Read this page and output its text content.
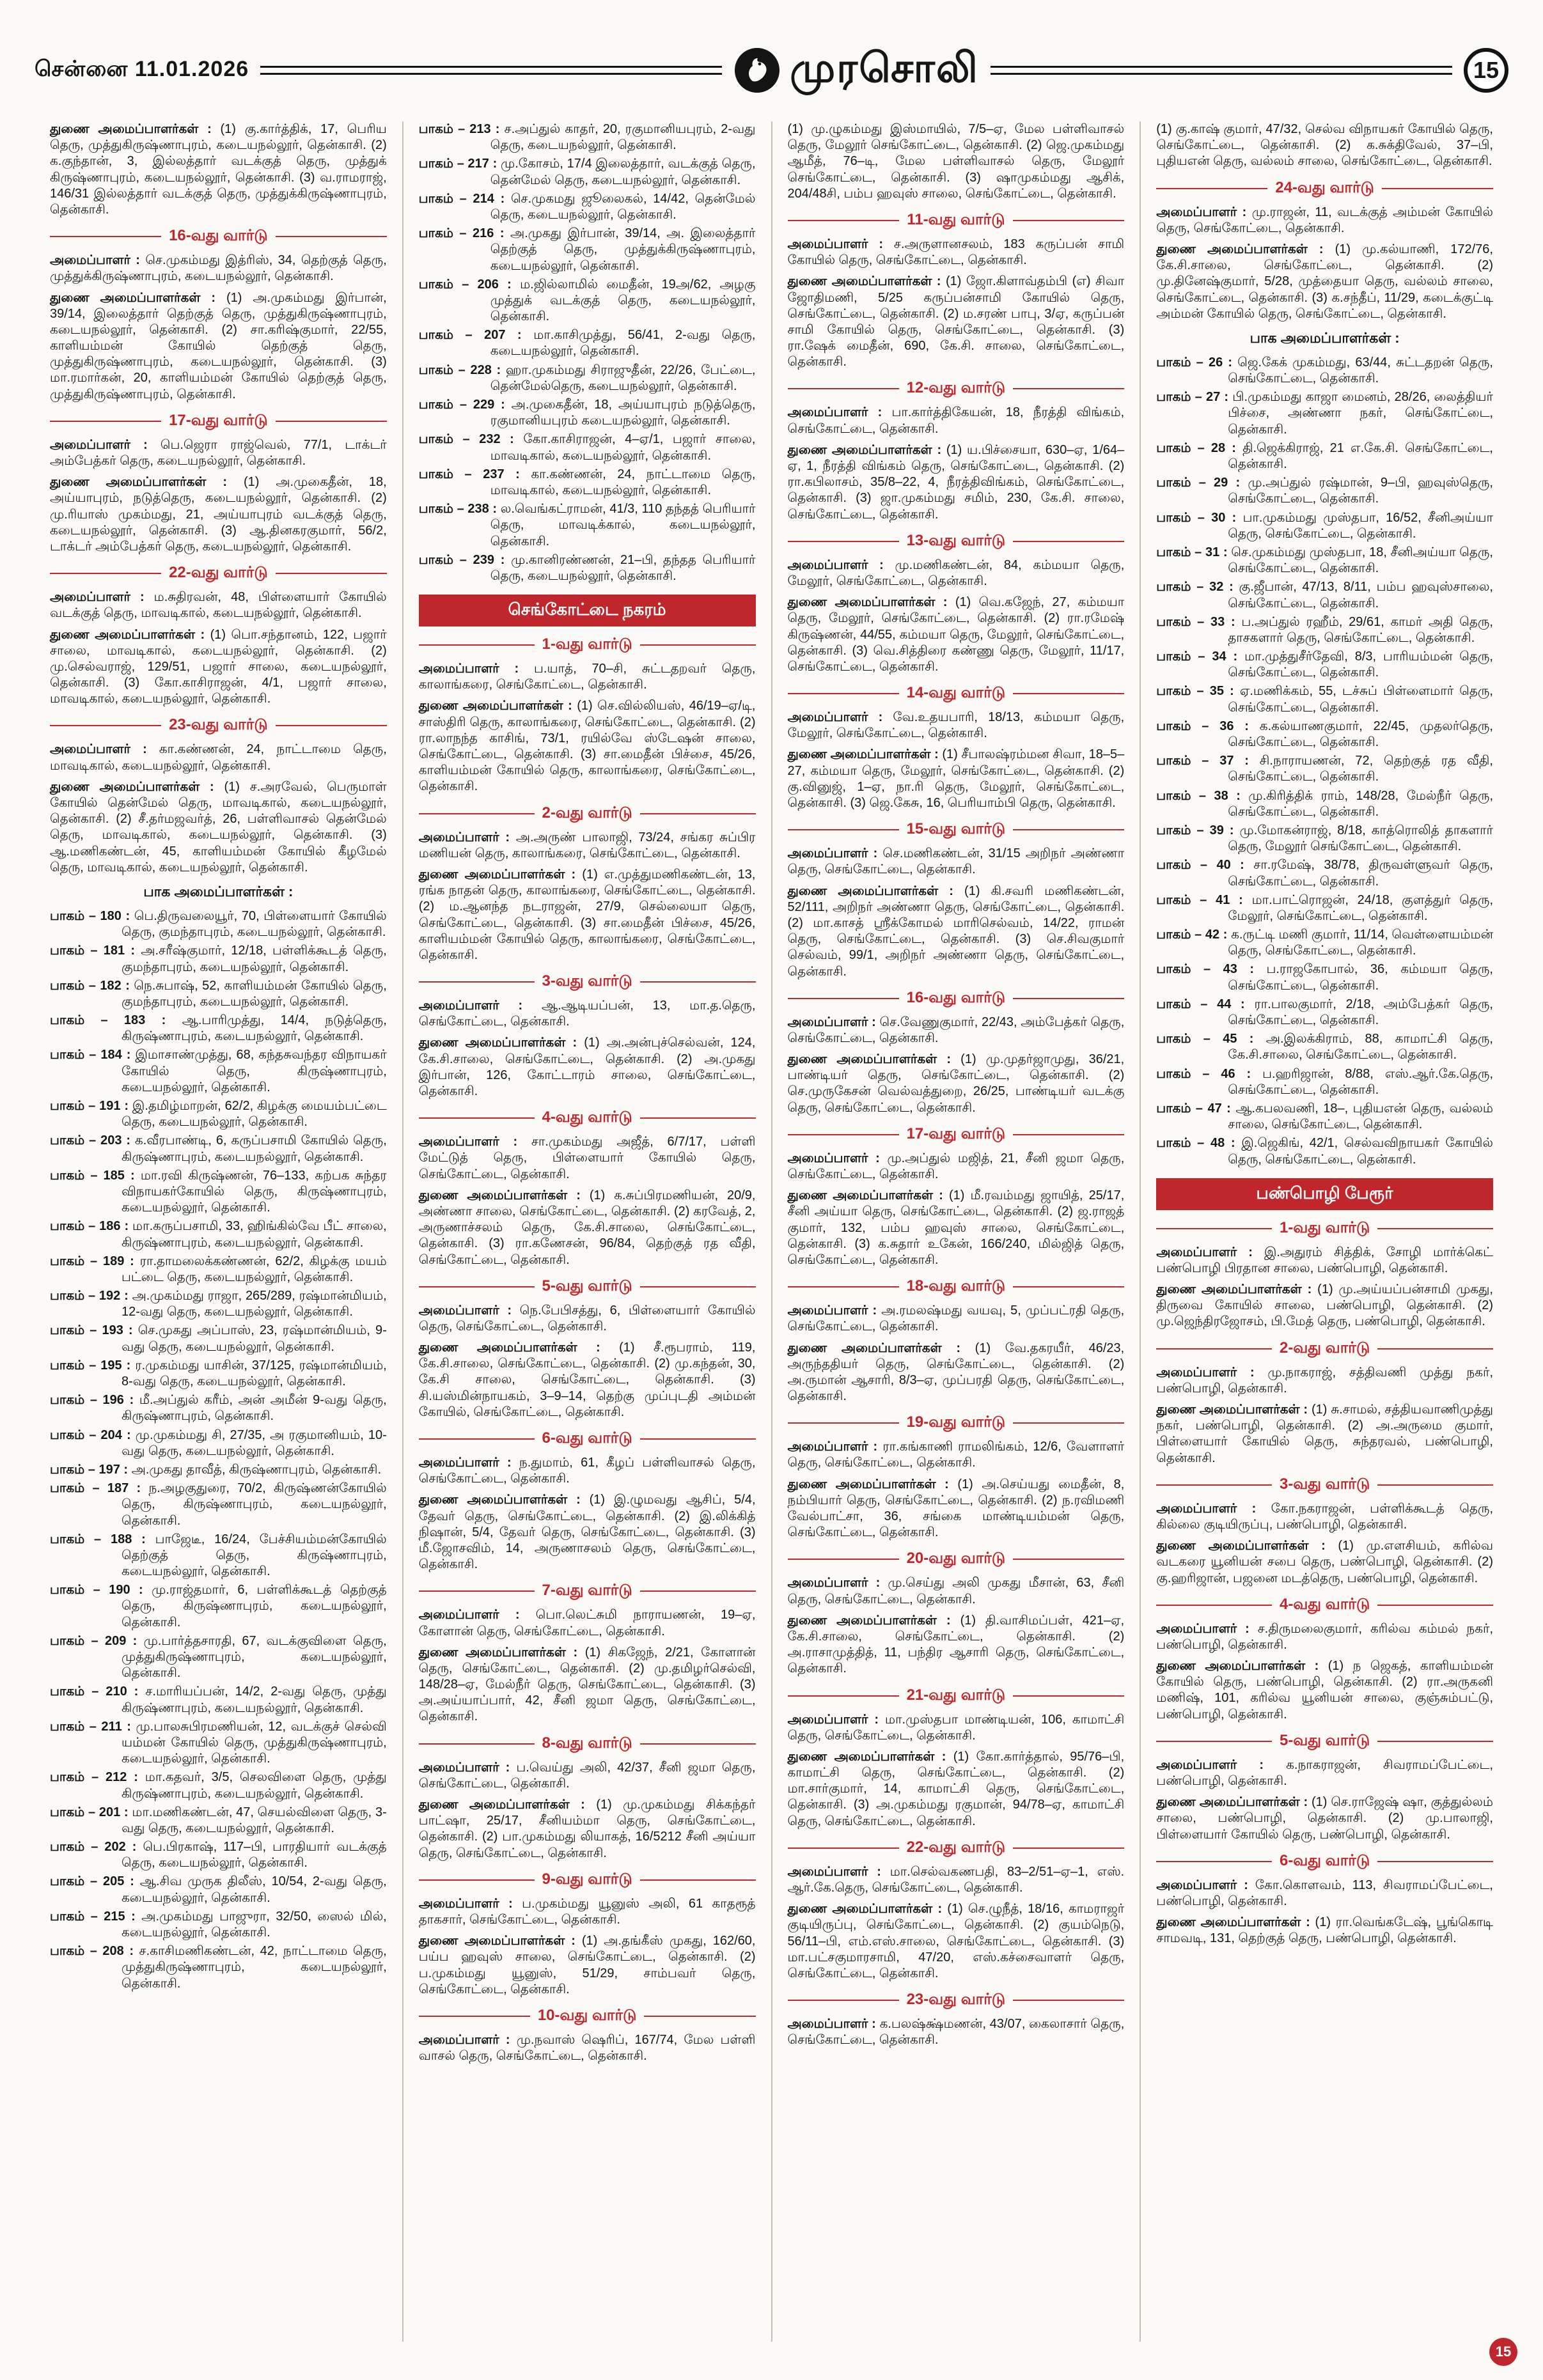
சென்னை 11.01.2026	முரசொலி	15

துணை அமைப்பாளர்கள் : (1) கு.கார்த்திக், 17, பெரிய தெரு, முத்துகிருஷ்ணாபுரம், கடையநல்லூர், தென்காசி. (2) க.குந்தான், 3, இல்லத்தார் வடக்குத் தெரு, முத்துக் கிருஷ்ணாபுரம், கடையநல்லூர், தென்காசி. (3) வ.ராமராஜ், 146/31 இல்லத்தார் வடக்குத் தெரு, முத்துக்கிருஷ்ணாபுரம், தென்காசி.

16-வது வார்டு

அமைப்பாளர் : செ.முகம்மது இத்ரிஸ், 34, தெற்குத் தெரு, முத்துக்கிருஷ்ணாபுரம், கடையநல்லூர், தென்காசி.

துணை அமைப்பாளர்கள் : (1) அ.முகம்மது இர்பான், 39/14, இலைத்தார் தெற்குத் தெரு, முத்துகிருஷ்ணாபுரம், கடையநல்லூர், தென்காசி. (2) சா.கரிஷ்குமார், 22/55, காளியம்மன் கோயில் தெற்குத் தெரு, முத்துகிருஷ்ணாபுரம், கடையநல்லூர், தென்காசி. (3) மா.ரமார்கன், 20, காளியம்மன் கோயில் தெற்குத் தெரு, முத்துகிருஷ்ணாபுரம், தென்காசி.

17-வது வார்டு

அமைப்பாளர் : பெ.ஜெரா ராஜ்வெல், 77/1, டாக்டர் அம்பேத்கர் தெரு, கடையநல்லூர், தென்காசி.

துணை அமைப்பாளர்கள் : (1) அ.முகைதீன், 18, அய்யாபுரம், நடுத்தெரு, கடையநல்லூர், தென்காசி. (2) மு.ரியாஸ் முகம்மது, 21, அய்யாபுரம் வடக்குத் தெரு, கடையநல்லூர், தென்காசி. (3) ஆ.தினகரகுமார், 56/2, டாக்டர் அம்பேத்கர் தெரு, கடையநல்லூர், தென்காசி.

22-வது வார்டு

அமைப்பாளர் : ம.சுதிரவன், 48, பிள்ளையார் கோயில் வடக்குத் தெரு, மாவடிகால், கடையநல்லூர், தென்காசி.

துணை அமைப்பாளர்கள் : (1) பொ.சந்தானம், 122, பஜார் சாலை, மாவடிகால், கடையநல்லூர், தென்காசி. (2) மு.செல்வராஜ், 129/51, பஜார் சாலை, கடையநல்லூர், தென்காசி. (3) கோ.காசிராஜன், 4/1, பஜார் சாலை, மாவடிகால், கடையநல்லூர், தென்காசி.

23-வது வார்டு

அமைப்பாளர் : கா.கண்ணன், 24, நாட்டாமை தெரு, மாவடிகால், கடையநல்லூர், தென்காசி.

துணை அமைப்பாளர்கள் : (1) ச.அரவேல், பெருமாள் கோயில் தென்மேல் தெரு, மாவடிகால், கடையநல்லூர், தென்காசி. (2) சீ.தர்மஜவர்த், 26, பள்ளிவாசல் தென்மேல் தெரு, மாவடிகால், கடையநல்லூர், தென்காசி. (3) ஆ.மணிகண்டன், 45, காளியம்மன் கோயில் கீழமேல் தெரு, மாவடிகால், கடையநல்லூர், தென்காசி.

பாக அமைப்பாளர்கள் :

பாகம் – 180 : பெ.திருவலையூர், 70, பிள்ளையார் கோயில் தெரு, குமந்தாபுரம், கடையநல்லூர், தென்காசி.

பாகம் – 181 : அ.சரீஷ்குமார், 12/18, பள்ளிக்கூடத் தெரு, குமந்தாபுரம், கடையநல்லூர், தென்காசி.

பாகம் – 182 : நெ.சுபாஷ், 52, காளியம்மன் கோயில் தெரு, குமந்தாபுரம், கடையநல்லூர், தென்காசி.

பாகம் – 183 : ஆ.பாரிமுத்து, 14/4, நடுத்தெரு, கிருஷ்ணாபுரம், கடையநல்லூர், தென்காசி.

பாகம் – 184 : இமாசாண்முத்து, 68, கந்தசுவந்தர விநாயகர் கோயில் தெரு, கிருஷ்ணாபுரம், கடையநல்லூர், தென்காசி.

பாகம் – 191 : இ.தமிழ்மாறன், 62/2, கிழக்கு மையம்பட்டை தெரு, கடையநல்லூர், தென்காசி.

பாகம் – 203 : க.வீரபாண்டி, 6, கருப்பசாமி கோயில் தெரு, கிருஷ்ணாபுரம், கடையநல்லூர், தென்காசி.

பாகம் – 185 : மா.ரவி கிருஷ்ணன், 76–133, கற்பக சுந்தர விநாயகர்கோயில் தெரு, கிருஷ்ணாபுரம், கடையநல்லூர், தென்காசி.

பாகம் – 186 : மா.கருப்பசாமி, 33, ஹிங்கில்வே பீட் சாலை, கிருஷ்ணாபுரம், கடையநல்லூர், தென்காசி.

பாகம் – 189 : ரா.தாமலைக்கண்ணன், 62/2, கிழக்கு மயம் பட்டை தெரு, கடையநல்லூர், தென்காசி.

பாகம் – 192 : அ.முகம்மது ராஜா, 265/289, ரஷ்மான்மியம், 12-வது தெரு, கடையநல்லூர், தென்காசி.

பாகம் – 193 : செ.முகது அப்பாஸ், 23, ரஷ்மான்மியம், 9-வது தெரு, கடையநல்லூர், தென்காசி.

பாகம் – 195 : ர.முகம்மது யாசின், 37/125, ரஷ்மான்மியம், 8-வது தெரு, கடையநல்லூர், தென்காசி.

பாகம் – 196 : மீ.அப்துல் கரீம், அன் அமீன் 9-வது தெரு, கிருஷ்ணாபுரம், தென்காசி.

பாகம் – 204 : மு.முகம்மது சி, 27/35, அ ரகுமானியம், 10-வது தெரு, கடையநல்லூர், தென்காசி.

பாகம் – 197 : அ.முகது தாவீத், கிருஷ்ணாபுரம், தென்காசி.

பாகம் – 187 : ந.அழகுதுரை, 70/2, கிருஷ்ணன்கோயில் தெரு, கிருஷ்ணாபுரம், கடையநல்லூர், தென்காசி.

பாகம் – 188 : பாஜேடீ, 16/24, பேச்சியம்மன்கோயில் தெற்குத் தெரு, கிருஷ்ணாபுரம், கடையநல்லூர், தென்காசி.

பாகம் – 190 : மு.ராஜ்தமார், 6, பள்ளிக்கூடத் தெற்குத் தெரு, கிருஷ்ணாபுரம், கடையநல்லூர், தென்காசி.

பாகம் – 209 : மு.பார்த்தசாரதி, 67, வடக்குவிளை தெரு, முத்துகிருஷ்ணாபுரம், கடையநல்லூர், தென்காசி.

பாகம் – 210 : ச.மாரியப்பன், 14/2, 2-வது தெரு, முத்து கிருஷ்ணாபுரம், கடையநல்லூர், தென்காசி.

பாகம் – 211 : மு.பாலசுபிரமணியன், 12, வடக்குச் செல்வி யம்மன் கோயில் தெரு, முத்துகிருஷ்ணாபுரம், கடையநல்லூர், தென்காசி.

பாகம் – 212 : மா.கதவர், 3/5, செலவிளை தெரு, முத்து கிருஷ்ணாபுரம், கடையநல்லூர், தென்காசி.

பாகம் – 201 : மா.மணிகண்டன், 47, செயல்விளை தெரு, 3-வது தெரு, கடையநல்லூர், தென்காசி.

பாகம் – 202 : பெ.பிரகாஷ், 117–பி, பாரதியார் வடக்குத் தெரு, கடையநல்லூர், தென்காசி.

பாகம் – 205 : ஆ.சிவ முருக திலீஸ், 10/54, 2-வது தெரு, கடையநல்லூர், தென்காசி.

பாகம் – 215 : அ.முகம்மது பாஜுரா, 32/50, ஸைல் மில், கடையநல்லூர், தென்காசி.

பாகம் – 208 : ச.காசிமணிகண்டன், 42, நாட்டாமை தெரு, முத்துகிருஷ்ணாபுரம், கடையநல்லூர், தென்காசி.

பாகம் – 213 : ச.அப்துல் காதர், 20, ரகுமானியபுரம், 2-வது தெரு, கடையநல்லூர், தென்காசி.

பாகம் – 217 : மு.கோசம், 17/4 இலைத்தார், வடக்குத் தெரு, தென்மேல் தெரு, கடையநல்லூர், தென்காசி.

பாகம் – 214 : செ.முகமது ஜூலைகல், 14/42, தென்மேல் தெரு, கடையநல்லூர், தென்காசி.

பாகம் – 216 : அ.முகது இர்பான், 39/14, அ. இலைத்தார் தெற்குத் தெரு, முத்துக்கிருஷ்ணாபுரம், கடையநல்லூர், தென்காசி.

பாகம் – 206 : ம.ஜில்லாமில் மைதீன், 19அ/62, அழகு முத்துக் வடக்குத் தெரு, கடையநல்லூர், தென்காசி.

பாகம் – 207 : மா.காசிமுத்து, 56/41, 2-வது தெரு, கடையநல்லூர், தென்காசி.

பாகம் – 228 : ஹா.முகம்மது சிராஜுதீன், 22/26, பேட்டை, தென்மேல்தெரு, கடையநல்லூர், தென்காசி.

பாகம் – 229 : அ.முகைதீன், 18, அய்யாபுரம் நடுத்தெரு, ரகுமானியபுரம் கடையநல்லூர், தென்காசி.

பாகம் – 232 : கோ.காசிராஜன், 4–ஏ/1, பஜார் சாலை, மாவடிகால், கடையநல்லூர், தென்காசி.

பாகம் – 237 : கா.கண்ணன், 24, நாட்டாமை தெரு, மாவடிகால், கடையநல்லூர், தென்காசி.

பாகம் – 238 : ல.வெங்கட்ராமன், 41/3, 110 தந்தத் பெரியார் தெரு, மாவடிக்கால், கடையநல்லூர், தென்காசி.

பாகம் – 239 : மு.கானிரண்ணன், 21–பி, தந்தத பெரியார் தெரு, கடையநல்லூர், தென்காசி.

செங்கோட்டை நகரம்
1-வது வார்டு

அமைப்பாளர் : ப.யாத், 70–சி, சுட்டதறவர் தெரு, காலாங்கரை, செங்கோட்டை, தென்காசி.

துணை அமைப்பாளர்கள் : (1) செ.வில்லியஸ், 46/19–ஏ/டி, சாஸ்திரி தெரு, காலாங்கரை, செங்கோட்டை, தென்காசி. (2) ரா.லாநந்த காசிங், 73/1, ரயில்வே ஸ்டேஷன் சாலை, செங்கோட்டை, தென்காசி. (3) சா.மைதீன் பிச்சை, 45/26, காளியம்மன் கோயில் தெரு, காலாங்கரை, செங்கோட்டை, தென்காசி.

2-வது வார்டு

அமைப்பாளர் : அ.அருண் பாலாஜி, 73/24, சங்கர சுப்பிர மணியன் தெரு, காலாங்கரை, செங்கோட்டை, தென்காசி.

துணை அமைப்பாளர்கள் : (1) எ.முத்துமணிகண்டன், 13, ரங்க நாதன் தெரு, காலாங்கரை, செங்கோட்டை, தென்காசி. (2) ம.ஆனந்த நடராஜன், 27/9, செல்லையா தெரு, செங்கோட்டை, தென்காசி. (3) சா.மைதீன் பிச்சை, 45/26, காளியம்மன் கோயில் தெரு, காலாங்கரை, செங்கோட்டை, தென்காசி.

3-வது வார்டு

அமைப்பாளர் : ஆ.ஆடியப்பன், 13, மா.த.தெரு, செங்கோட்டை, தென்காசி.

துணை அமைப்பாளர்கள் : (1) அ.அன்புச்செல்வன், 124, கே.சி.சாலை, செங்கோட்டை, தென்காசி. (2) அ.முகது இர்பான், 126, கோட்டாரம் சாலை, செங்கோட்டை, தென்காசி.

4-வது வார்டு

அமைப்பாளர் : சா.முகம்மது அஜீத், 6/7/17, பள்ளி மேட்டுத் தெரு, பிள்ளையார் கோயில் தெரு, செங்கோட்டை, தென்காசி.

துணை அமைப்பாளர்கள் : (1) க.சுப்பிரமணியன், 20/9, அண்ணா சாலை, செங்கோட்டை, தென்காசி. (2) கரவேத், 2, அருணாச்சலம் தெரு, கே.சி.சாலை, செங்கோட்டை, தென்காசி. (3) ரா.கணேசன், 96/84, தெற்குத் ரத வீதி, செங்கோட்டை, தென்காசி.

5-வது வார்டு

அமைப்பாளர் : நெ.பேபிசத்து, 6, பிள்ளையார் கோயில் தெரு, செங்கோட்டை, தென்காசி.

துணை அமைப்பாளர்கள் : (1) சீ.ரூபராம், 119, கே.சி.சாலை, செங்கோட்டை, தென்காசி. (2) மு.கந்தன், 30, கே.சி சாலை, செங்கோட்டை, தென்காசி. (3) சி.யஸ்மின்நாயகம், 3–9–14, தெற்கு முப்புடதி அம்மன் கோயில், செங்கோட்டை, தென்காசி.

6-வது வார்டு

அமைப்பாளர் : ந.துமாம், 61, கீழப் பள்ளிவாசல் தெரு, செங்கோட்டை, தென்காசி.

துணை அமைப்பாளர்கள் : (1) இ.ழுமவது ஆசிப், 5/4, தேவர் தெரு, செங்கோட்டை, தென்காசி. (2) இ.லிக்கித் நிஷான், 5/4, தேவர் தெரு, செங்கோட்டை, தென்காசி. (3) மீ.ஜோசவிம், 14, அருணாசலம் தெரு, செங்கோட்டை, தென்காசி.

7-வது வார்டு

அமைப்பாளர் : பொ.லெட்சுமி நாராயணன், 19–ஏ, கோளான் தெரு, செங்கோட்டை, தென்காசி.

துணை அமைப்பாளர்கள் : (1) சிகஜேந், 2/21, கோளான் தெரு, செங்கோட்டை, தென்காசி. (2) மு.தமிழர்செல்வி, 148/28–ஏ, மேல்நீர் தெரு, செங்கோட்டை, தென்காசி. (3) அ.அய்யாப்பார், 42, சீனி ஜமா தெரு, செங்கோட்டை, தென்காசி.

8-வது வார்டு

அமைப்பாளர் : ப.வெய்து அலி, 42/37, சீனி ஜமா தெரு, செங்கோட்டை, தென்காசி.

துணை அமைப்பாளர்கள் : (1) மு.முகம்மது சிக்கந்தர் பாட்ஷா, 25/17, சீனியம்மா தெரு, செங்கோட்டை, தென்காசி. (2) பா.முகம்மது லியாகத், 16/5212 சீனி அய்யா தெரு, செங்கோட்டை, தென்காசி.

9-வது வார்டு

அமைப்பாளர் : ப.முகம்மது யூனுஸ் அலி, 61 காதரூத் தாகசார், செங்கோட்டை, தென்காசி.

துணை அமைப்பாளர்கள் : (1) அ.தங்கீஸ் முகது, 162/60, பய்ப ஹவுஸ் சாலை, செங்கோட்டை, தென்காசி. (2) ப.முகம்மது யூனுஸ், 51/29, சாம்பவர் தெரு, செங்கோட்டை, தென்காசி.

10-வது வார்டு

அமைப்பாளர் : மு.நவாஸ் ஷெரிப், 167/74, மேல பள்ளி வாசல் தெரு, செங்கோட்டை, தென்காசி.

(1) மு.ழுகம்மது இஸ்மாயில், 7/5–ஏ, மேல பள்ளிவாசல் தெரு, மேலூர் செங்கோட்டை, தென்காசி. (2) ஜெ.முகம்மது ஆமீத், 76–டி, மேல பள்ளிவாசல் தெரு, மேலூர் செங்கோட்டை, தென்காசி. (3) ஷாமுகம்மது ஆசிக், 204/48சி, பம்ப ஹவுஸ் சாலை, செங்கோட்டை, தென்காசி.

11-வது வார்டு

அமைப்பாளர் : ச.அருளானசலம், 183 கருப்பன் சாமி கோயில் தெரு, செங்கோட்டை, தென்காசி.

துணை அமைப்பாளர்கள் : (1) ஜோ.கிளாவ்தம்பி (எ) சிவா ஜோதிமணி, 5/25 கருப்பன்சாமி கோயில் தெரு, செங்கோட்டை, தென்காசி. (2) ம.சரண் பாபு, 3/ஏ, கருப்பன் சாமி கோயில் தெரு, செங்கோட்டை, தென்காசி. (3) ரா.ஷேக் மைதீன், 690, கே.சி. சாலை, செங்கோட்டை, தென்காசி.

12-வது வார்டு

அமைப்பாளர் : பா.கார்த்திகேயன், 18, நீரத்தி விங்கம், செங்கோட்டை, தென்காசி.

துணை அமைப்பாளர்கள் : (1) ய.பிச்சையா, 630–ஏ, 1/64–ஏ, 1, நீரத்தி விங்கம் தெரு, செங்கோட்டை, தென்காசி. (2) ரா.கபிலாசம், 35/8–22, 4, நீரத்திவிங்கம், செங்கோட்டை, தென்காசி. (3) ஜா.முகம்மது சமிம், 230, கே.சி. சாலை, செங்கோட்டை, தென்காசி.

13-வது வார்டு

அமைப்பாளர் : மு.மணிகண்டன், 84, கம்மயா தெரு, மேலூர், செங்கோட்டை, தென்காசி.

துணை அமைப்பாளர்கள் : (1) வெ.கஜேந், 27, கம்மயா தெரு, மேலூர், செங்கோட்டை, தென்காசி. (2) ரா.ரமேஷ் கிருஷ்ணன், 44/55, கம்மயா தெரு, மேலூர், செங்கோட்டை, தென்காசி. (3) வெ.சித்திரை கண்ணு தெரு, மேலூர், 11/17, செங்கோட்டை, தென்காசி.

14-வது வார்டு

அமைப்பாளர் : வே.உதயபாரி, 18/13, கம்மயா தெரு, மேலூர், செங்கோட்டை, தென்காசி.

துணை அமைப்பாளர்கள் : (1) சீபாலஷ்ரம்மன சிவா, 18–5–27, கம்மயா தெரு, மேலூர், செங்கோட்டை, தென்காசி. (2) கு.வினுஜ், 1–ஏ, நா.ரி தெரு, மேலூர், செங்கோட்டை, தென்காசி. (3) ஜெ.கேசு, 16, பெரியாம்பி தெரு, தென்காசி.

15-வது வார்டு

அமைப்பாளர் : செ.மணிகண்டன், 31/15 அறிநர் அண்ணா தெரு, செங்கோட்டை, தென்காசி.

துணை அமைப்பாளர்கள் : (1) கி.சவரி மணிகண்டன், 52/111, அறிநர் அண்ணா தெரு, செங்கோட்டை, தென்காசி. (2) மா.காசத் ஸ்ரீக்கோமல் மாரிசெல்வம், 14/22, ராமன் தெரு, செங்கோட்டை, தென்காசி. (3) செ.சிவகுமார் செல்வம், 99/1, அறிநர் அண்ணா தெரு, செங்கோட்டை, தென்காசி.

16-வது வார்டு

அமைப்பாளர் : செ.வேணுகுமார், 22/43, அம்பேத்கர் தெரு, செங்கோட்டை, தென்காசி.

துணை அமைப்பாளர்கள் : (1) மு.முதர்ஜாமுது, 36/21, பாண்டியர் தெரு, செங்கோட்டை, தென்காசி. (2) செ.முருகேசன் வெல்வத்துறை, 26/25, பாண்டியர் வடக்கு தெரு, செங்கோட்டை, தென்காசி.

17-வது வார்டு

அமைப்பாளர் : மு.அப்துல் மஜித், 21, சீனி ஜமா தெரு, செங்கோட்டை, தென்காசி.

துணை அமைப்பாளர்கள் : (1) மீ.ரவம்மது ஜாயித், 25/17, சீனி அய்யா தெரு, செங்கோட்டை, தென்காசி. (2) ஜ.ராஜத் குமார், 132, பம்ப ஹவுஸ் சாலை, செங்கோட்டை, தென்காசி. (3) க.சுதார் உகேன், 166/240, மில்ஜித் தெரு, செங்கோட்டை, தென்காசி.

18-வது வார்டு

அமைப்பாளர் : அ.ரமலஷ்மது வயவு, 5, முப்பட்ரதி தெரு, செங்கோட்டை, தென்காசி.

துணை அமைப்பாளர்கள் : (1) வே.தகரயீர், 46/23, அருந்ததியர் தெரு, செங்கோட்டை, தென்காசி. (2) அ.ருமான் ஆசாரி, 8/3–ஏ, முப்பரதி தெரு, செங்கோட்டை, தென்காசி.

19-வது வார்டு

அமைப்பாளர் : ரா.கங்காணி ராமலிங்கம், 12/6, வேளாளர் தெரு, செங்கோட்டை, தென்காசி.

துணை அமைப்பாளர்கள் : (1) அ.செய்யது மைதீன், 8, நம்பியார் தெரு, செங்கோட்டை, தென்காசி. (2) ந.ரவிமணி வேல்பாட்சா, 36, சங்கை மாண்டியம்மன் தெரு, செங்கோட்டை, தென்காசி.

20-வது வார்டு

அமைப்பாளர் : மு.செய்து அலி முகது மீசான், 63, சீனி தெரு, செங்கோட்டை, தென்காசி.

துணை அமைப்பாளர்கள் : (1) தி.வாசிமப்பள், 421–ஏ, கே.சி.சாலை, செங்கோட்டை, தென்காசி. (2) அ.ராசாமுத்தித், 11, பந்திர ஆசாரி தெரு, செங்கோட்டை, தென்காசி.

21-வது வார்டு

அமைப்பாளர் : மா.முஸ்தபா மாண்டியன், 106, காமாட்சி தெரு, செங்கோட்டை, தென்காசி.

துணை அமைப்பாளர்கள் : (1) கோ.கார்த்தால், 95/76–பி, காமாட்சி தெரு, செங்கோட்டை, தென்காசி. (2) மா.சார்குமார், 14, காமாட்சி தெரு, செங்கோட்டை, தென்காசி. (3) அ.முகம்மது ரகுமான், 94/78–ஏ, காமாட்சி தெரு, செங்கோட்டை, தென்காசி.

22-வது வார்டு

அமைப்பாளர் : மா.செல்வகணபதி, 83–2/51–ஏ–1, எஸ். ஆர்.கே.தெரு, செங்கோட்டை, தென்காசி.

துணை அமைப்பாளர்கள் : (1) செ.ழுநீத், 18/16, காமராஜர் குடியிருப்பு, செங்கோட்டை, தென்காசி. (2) குயம்நெடு, 56/11–பி, எம்.எஸ்.சாலை, செங்கோட்டை, தென்காசி. (3) மா.பட்சகுமாரசாமி, 47/20, எஸ்.கச்சைவாளர் தெரு, செங்கோட்டை, தென்காசி.

23-வது வார்டு

அமைப்பாளர் : க.பலஷ்க்ஷ்மணன், 43/07, கைலாசார் தெரு, செங்கோட்டை, தென்காசி.

(1) கு.காஷ் குமார், 47/32, செல்வ விநாயகர் கோயில் தெரு, செங்கோட்டை, தென்காசி. (2) க.சுக்திவேல், 37–பி, புதியஎன் தெரு, வல்லம் சாலை, செங்கோட்டை, தென்காசி.

24-வது வார்டு

அமைப்பாளர் : மு.ராஜன், 11, வடக்குத் அம்மன் கோயில் தெரு, செங்கோட்டை, தென்காசி.

துணை அமைப்பாளர்கள் : (1) மு.கல்யாணி, 172/76, கே.சி.சாலை, செங்கோட்டை, தென்காசி. (2) மு.தினேஷ்குமார், 5/28, முத்தையா தெரு, வல்லம் சாலை, செங்கோட்டை, தென்காசி. (3) க.சந்தீப், 11/29, கடைக்குட்டி அம்மன் கோயில் தெரு, செங்கோட்டை, தென்காசி.

பாக அமைப்பாளர்கள் :

பாகம் – 26 : ஜெ.கேக் முகம்மது, 63/44, சுட்டதறன் தெரு, செங்கோட்டை, தென்காசி.

பாகம் – 27 : பி.முகம்மது காஜா மைனம், 28/26, லைத்தியர் பிச்சை, அண்ணா நகர், செங்கோட்டை, தென்காசி.

பாகம் – 28 : தி.ஜெக்கிராஜ், 21 எ.கே.சி. செங்கோட்டை, தென்காசி.

பாகம் – 29 : மு.அப்துல் ரஷ்மான், 9–பி, ஹவுஸ்தெரு, செங்கோட்டை, தென்காசி.

பாகம் – 30 : பா.முகம்மது முஸ்தபா, 16/52, சீனிஅய்யா தெரு, செங்கோட்டை, தென்காசி.

பாகம் – 31 : செ.முகம்மது முஸ்தபா, 18, சீனிஅய்யா தெரு, செங்கோட்டை, தென்காசி.

பாகம் – 32 : கு.ஜீபான், 47/13, 8/11, பம்ப ஹவுஸ்சாலை, செங்கோட்டை, தென்காசி.

பாகம் – 33 : ப.அப்துல் ரஹீம், 29/61, காமர் அதி தெரு, தாசகளார் தெரு, செங்கோட்டை, தென்காசி.

பாகம் – 34 : மா.முத்துசீர்தேவி, 8/3, பாரியம்மன் தெரு, செங்கோட்டை, தென்காசி.

பாகம் – 35 : ஏ.மணிக்கம், 55, டச்சுப் பிள்ளைமார் தெரு, செங்கோட்டை, தென்காசி.

பாகம் – 36 : க.கல்யாணகுமார், 22/45, முதலர்தெரு, செங்கோட்டை, தென்காசி.

பாகம் – 37 : சி.நாராயணன், 72, தெற்குத் ரத வீதி, செங்கோட்டை, தென்காசி.

பாகம் – 38 : மு.கிரித்திக் ராம், 148/28, மேல்நீர் தெரு, செங்கோட்டை, தென்காசி.

பாகம் – 39 : மு.மோகன்ராஜ், 8/18, காத்ரொலித் தாகளார் தெரு, மேலூர் செங்கோட்டை, தென்காசி.

பாகம் – 40 : சா.ரமேஷ், 38/78, திருவள்ளுவர் தெரு, செங்கோட்டை, தென்காசி.

பாகம் – 41 : மா.பாட்ரொஜன், 24/18, குளத்துர் தெரு, மேலூர், செங்கோட்டை, தென்காசி.

பாகம் – 42 : க.ருட்டி மணி குமார், 11/14, வெள்ளையம்மன் தெரு, செங்கோட்டை, தென்காசி.

பாகம் – 43 : ப.ராஜகோபால், 36, கம்மயா தெரு, செங்கோட்டை, தென்காசி.

பாகம் – 44 : ரா.பாலகுமார், 2/18, அம்பேத்கர் தெரு, செங்கோட்டை, தென்காசி.

பாகம் – 45 : அ.இலக்கிராம், 88, காமாட்சி தெரு, கே.சி.சாலை, செங்கோட்டை, தென்காசி.

பாகம் – 46 : ப.ஹரிஜான், 8/88, எஸ்.ஆர்.கே.தெரு, செங்கோட்டை, தென்காசி.

பாகம் – 47 : ஆ.கபலவணி, 18–, புதியஎன் தெரு, வல்லம் சாலை, செங்கோட்டை, தென்காசி.

பாகம் – 48 : இ.ஜெகிங், 42/1, செல்வவிநாயகர் கோயில் தெரு, செங்கோட்டை, தென்காசி.

பண்பொழி பேரூர்
1-வது வார்டு

அமைப்பாளர் : இ.அதுரம் சித்திக், சோழி மார்க்கெட் பண்பொழி பிரதான சாலை, பண்பொழி, தென்காசி.

துணை அமைப்பாளர்கள் : (1) மு.அய்யப்பன்சாமி முகது, திருவை கோயில் சாலை, பண்பொழி, தென்காசி. (2) மு.ஜெந்திரஜோசம், பி.மேத் தெரு, பண்பொழி, தென்காசி.

2-வது வார்டு

அமைப்பாளர் : மு.நாகராஜ், சத்திவணி முத்து நகர், பண்பொழி, தென்காசி.

துணை அமைப்பாளர்கள் : (1) சு.சாமல், சத்தியவாணிமுத்து நகர், பண்பொழி, தென்காசி. (2) அ.அருமை குமார், பிள்ளையார் கோயில் தெரு, சுந்தரவல், பண்பொழி, தென்காசி.

3-வது வார்டு

அமைப்பாளர் : கோ.நகராஜன், பள்ளிக்கூடத் தெரு, கில்லை குடியிருப்பு, பண்பொழி, தென்காசி.

துணை அமைப்பாளர்கள் : (1) மு.எளசியம், கரில்வ வடகரை யூனியன் சபை தெரு, பண்பொழி, தென்காசி. (2) கு.ஹரிஜான், பஜனை மடத்தெரு, பண்பொழி, தென்காசி.

4-வது வார்டு

அமைப்பாளர் : ச.திருமலைகுமார், கரில்வ கம்மல் நகர், பண்பொழி, தென்காசி.

துணை அமைப்பாளர்கள் : (1) ந ஜெகத், காளியம்மன் கோயில் தெரு, பண்பொழி, தென்காசி. (2) ரா.அருகனி மணிஷ், 101, கரில்வ யூனியன் சாலை, குஞ்சும்பட்டு, பண்பொழி, தென்காசி.

5-வது வார்டு

அமைப்பாளர் : க.நாகராஜன், சிவராமப்பேட்டை, பண்பொழி, தென்காசி.

துணை அமைப்பாளர்கள் : (1) செ.ராஜேஷ் ஷா, குத்துல்லம் சாலை, பண்பொழி, தென்காசி. (2) மு.பாலாஜி, பிள்ளையார் கோயில் தெரு, பண்பொழி, தென்காசி.

6-வது வார்டு

அமைப்பாளர் : கோ.கொளவம், 113, சிவராமப்பேட்டை, பண்பொழி, தென்காசி.

துணை அமைப்பாளர்கள் : (1) ரா.வெங்கடேஷ், பூங்கொடி சாமவடி, 131, தெற்குத் தெரு, பண்பொழி, தென்காசி.

15
